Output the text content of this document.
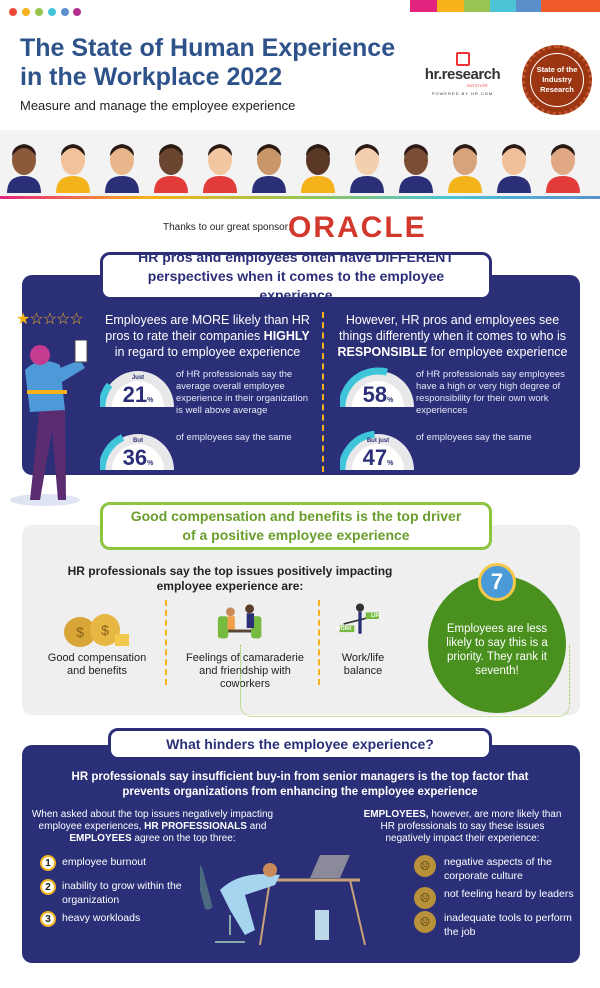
The State of Human Experience
in the Workplace 2022
Measure and manage the employee experience
hr.research
INSTITUTE
POWERED BY HR.COM
State of the Industry Research
Thanks to our great sponsor:
ORACLE
HR pros and employees often have DIFFERENT perspectives when it comes to the employee experience
★☆☆☆☆	Employees are MORE likely than HR pros to rate their companies HIGHLY in regard to employee experience
However, HR pros and employees see things differently when it comes to who is RESPONSIBLE for employee experience
Just
21%
of HR professionals say the average overall employee experience in their organization is well above average
But
36%
of employees say the same
58%
of HR professionals say employees have a high or very high degree of responsibility for their own work experiences
But just
47%
of employees say the same
Good compensation and benefits is the top driver of a positive employee experience
HR professionals say the top issues positively impacting employee experience are:
$ $	WORK
LIFE
Good compensation and benefits
Feelings of camaraderie and friendship with coworkers
Work/life balance
7
Employees are less likely to say this is a priority. They rank it seventh!
What hinders the employee experience?
HR professionals say insufficient buy-in from senior managers is the top factor that prevents organizations from enhancing the employee experience
When asked about the top issues negatively impacting employee experiences, HR PROFESSIONALS and EMPLOYEES agree on the top three:
EMPLOYEES, however, are more likely than HR professionals to say these issues negatively impact their experience:
1	employee burnout
2	inability to grow within the organization
3	heavy workloads
☹	negative aspects of the corporate culture
☹	not feeling heard by leaders
☹	inadequate tools to perform the job
